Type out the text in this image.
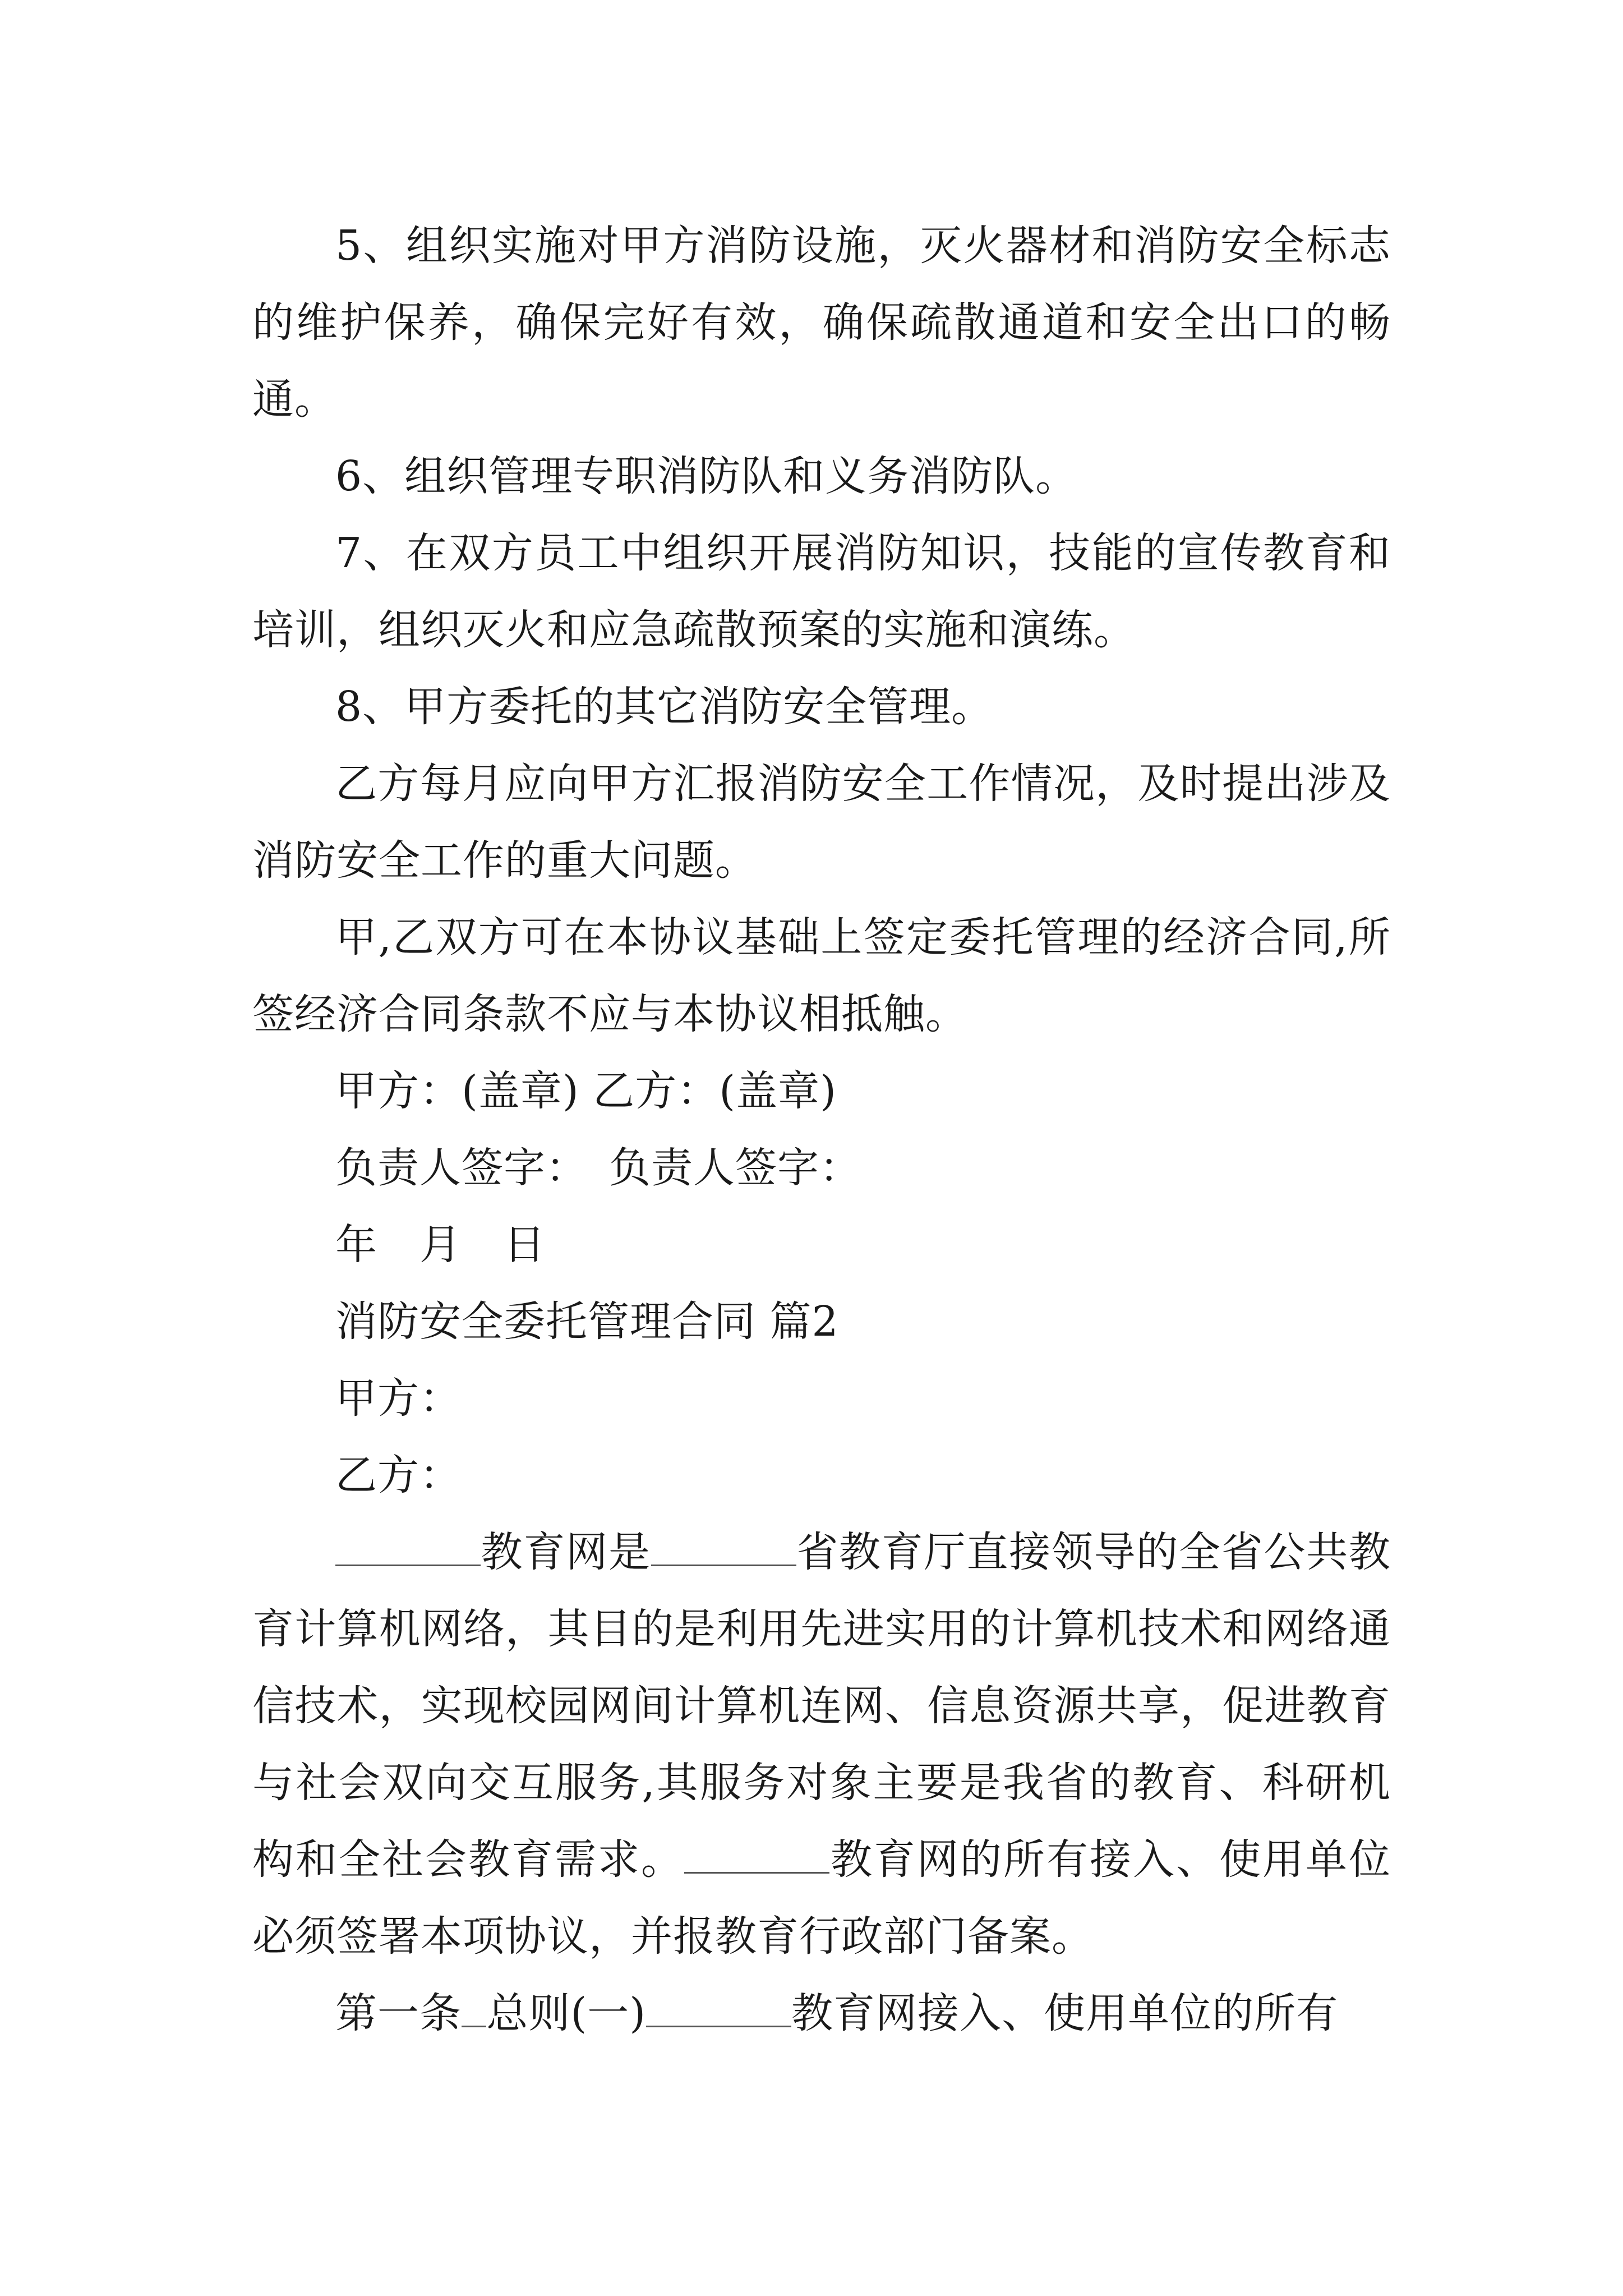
5、组织实施对甲方消防设施，灭火器材和消防安全标志的维护保养，确保完好有效，确保疏散通道和安全出口的畅通。

6、组织管理专职消防队和义务消防队。

7、在双方员工中组织开展消防知识，技能的宣传教育和培训，组织灭火和应急疏散预案的实施和演练。

8、甲方委托的其它消防安全管理。

乙方每月应向甲方汇报消防安全工作情况，及时提出涉及消防安全工作的重大问题。

甲,乙双方可在本协议基础上签定委托管理的经济合同,所签经济合同条款不应与本协议相抵触。

甲方：(盖章) 乙方：(盖章)

负责人签字：　负责人签字：

年　月　日

消防安全委托管理合同 篇2

甲方：

乙方：

教育网是	省教育厅直接领导的全省公共教育计算机网络，其目的是利用先进实用的计算机技术和网络通信技术，实现校园网间计算机连网、信息资源共享，促进教育与社会双向交互服务,其服务对象主要是我省的教育、科研机构和全社会教育需求。	教育网的所有接入、使用单位必须签署本项协议，并报教育行政部门备案。

第一条 总则(一)	教育网接入、使用单位的所有
